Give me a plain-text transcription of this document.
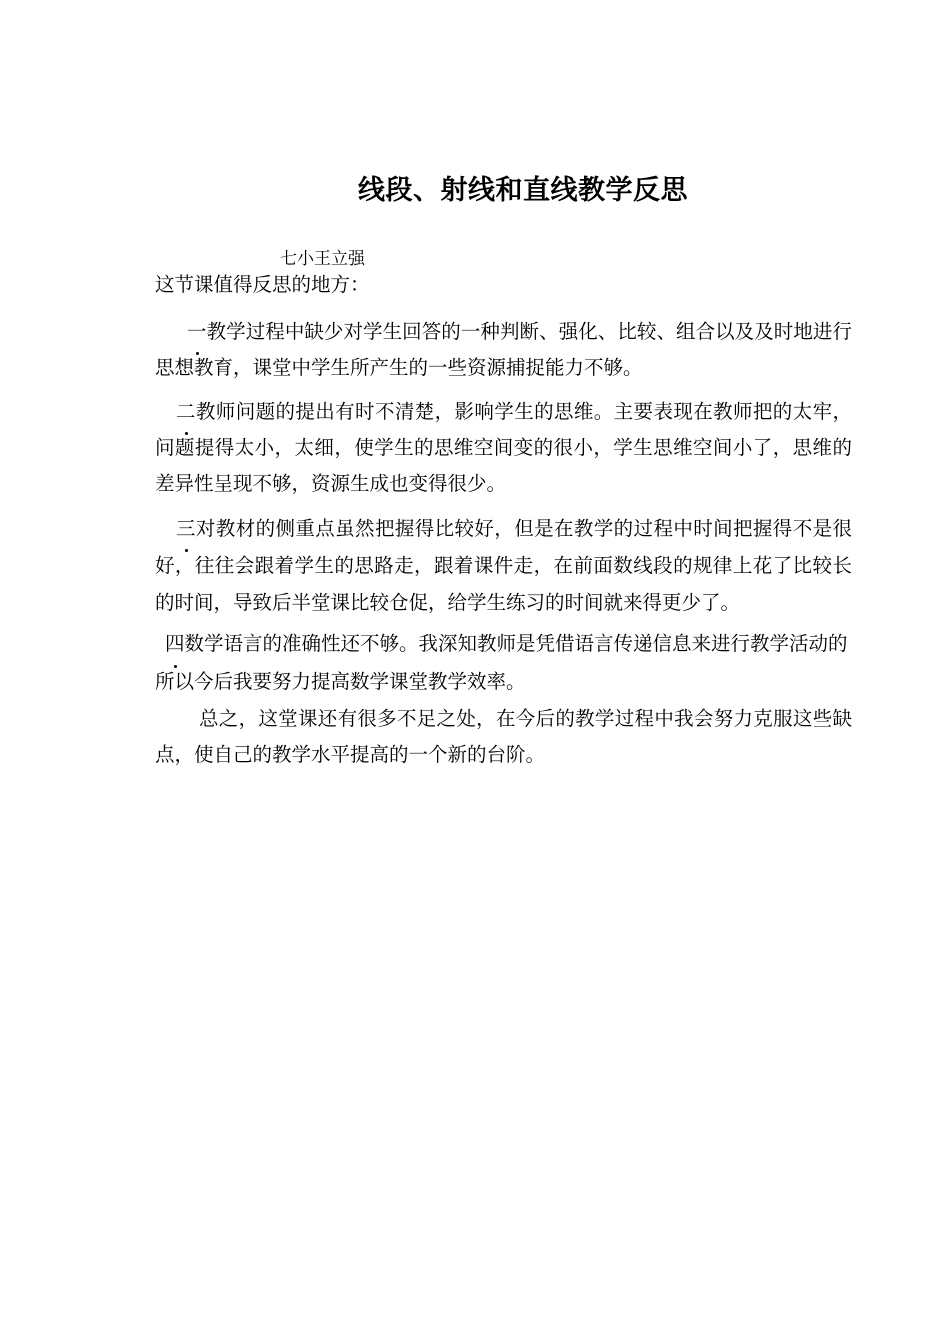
线段、射线和直线教学反思
七小王立强

这节课值得反思的地方：

一教学过程中缺少对学生回答的一种判断、强化、比较、组合以及及时地进行思想教育，课堂中学生所产生的一些资源捕捉能力不够。

二教师问题的提出有时不清楚，影响学生的思维。主要表现在教师把的太牢，问题提得太小，太细，使学生的思维空间变的很小，学生思维空间小了，思维的差异性呈现不够，资源生成也变得很少。

三对教材的侧重点虽然把握得比较好，但是在教学的过程中时间把握得不是很好，往往会跟着学生的思路走，跟着课件走，在前面数线段的规律上花了比较长的时间，导致后半堂课比较仓促，给学生练习的时间就来得更少了。

四数学语言的准确性还不够。我深知教师是凭借语言传递信息来进行教学活动的

所以今后我要努力提高数学课堂教学效率。

总之，这堂课还有很多不足之处，在今后的教学过程中我会努力克服这些缺点，使自己的教学水平提高的一个新的台阶。
